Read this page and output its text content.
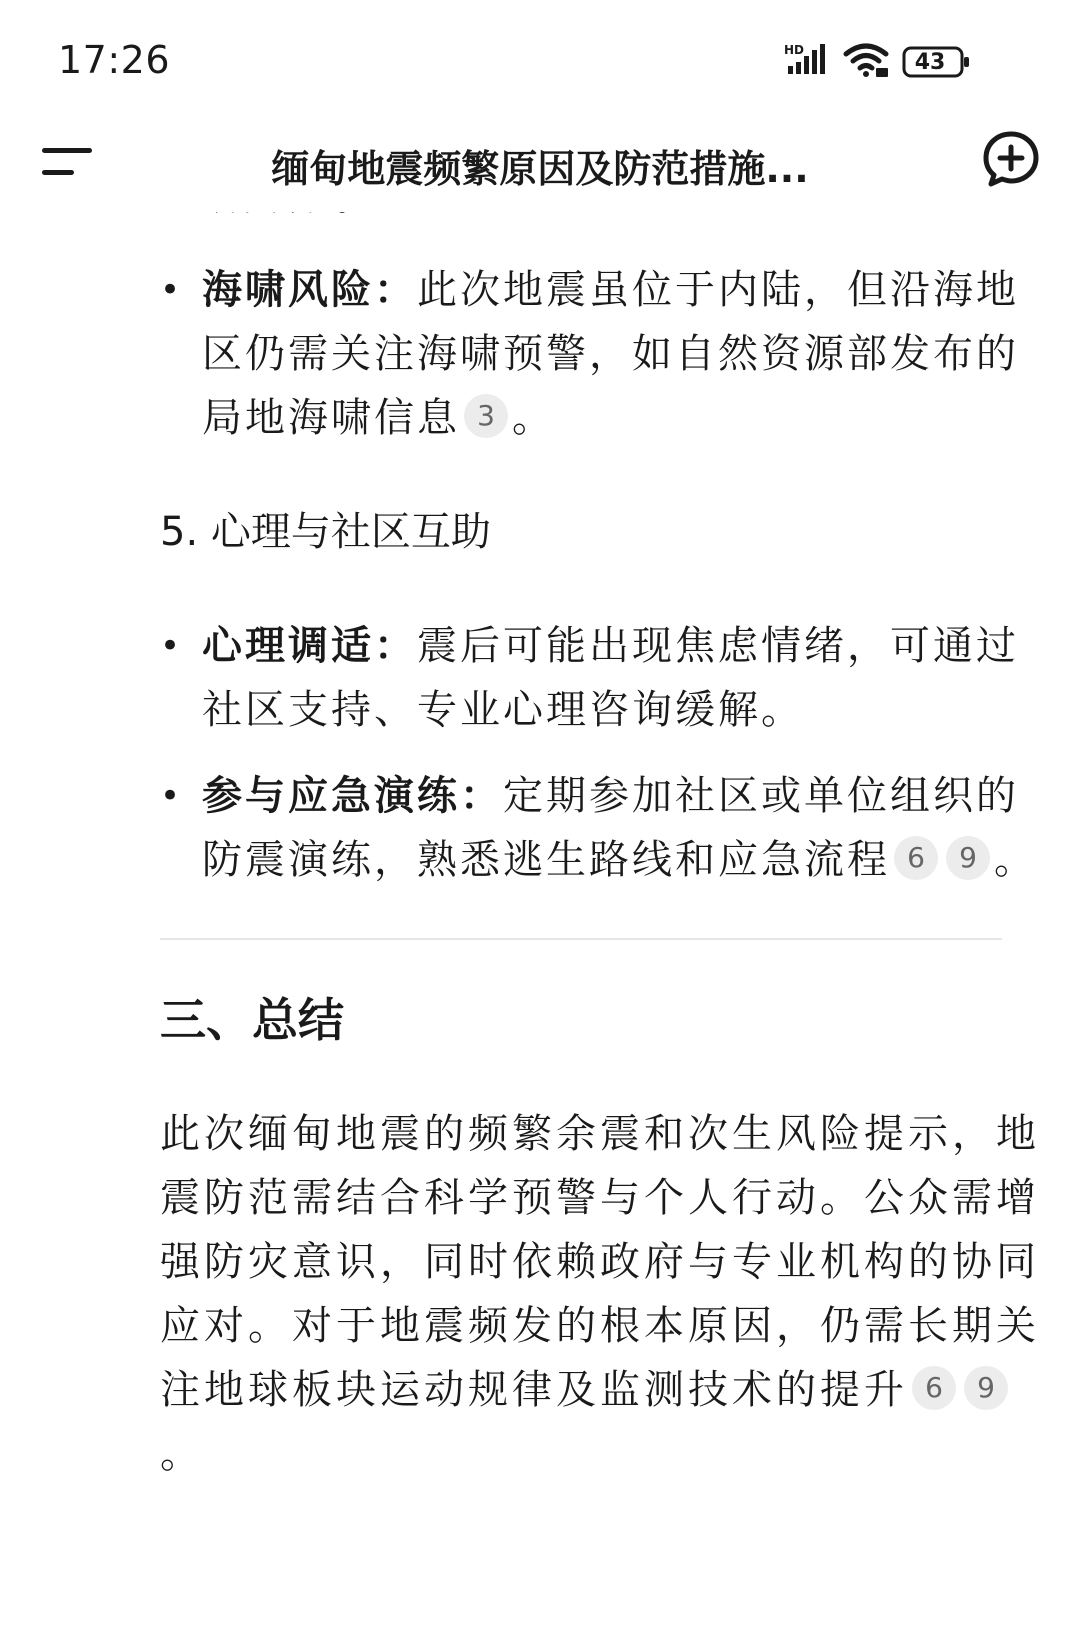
17:26	HD	43
缅甸地震频繁原因及防范措施...
• 海啸风险：此次地震虽位于内陆，但沿海地区仍需关注海啸预警，如自然资源部发布的局地海啸信息 3 。
5. 心理与社区互助
• 心理调适：震后可能出现焦虑情绪，可通过社区支持、专业心理咨询缓解。
• 参与应急演练：定期参加社区或单位组织的防震演练，熟悉逃生路线和应急流程 6 9 。
三、总结
此次缅甸地震的频繁余震和次生风险提示，地震防范需结合科学预警与个人行动。公众需增强防灾意识，同时依赖政府与专业机构的协同应对。对于地震频发的根本原因，仍需长期关注地球板块运动规律及监测技术的提升 6 9。
